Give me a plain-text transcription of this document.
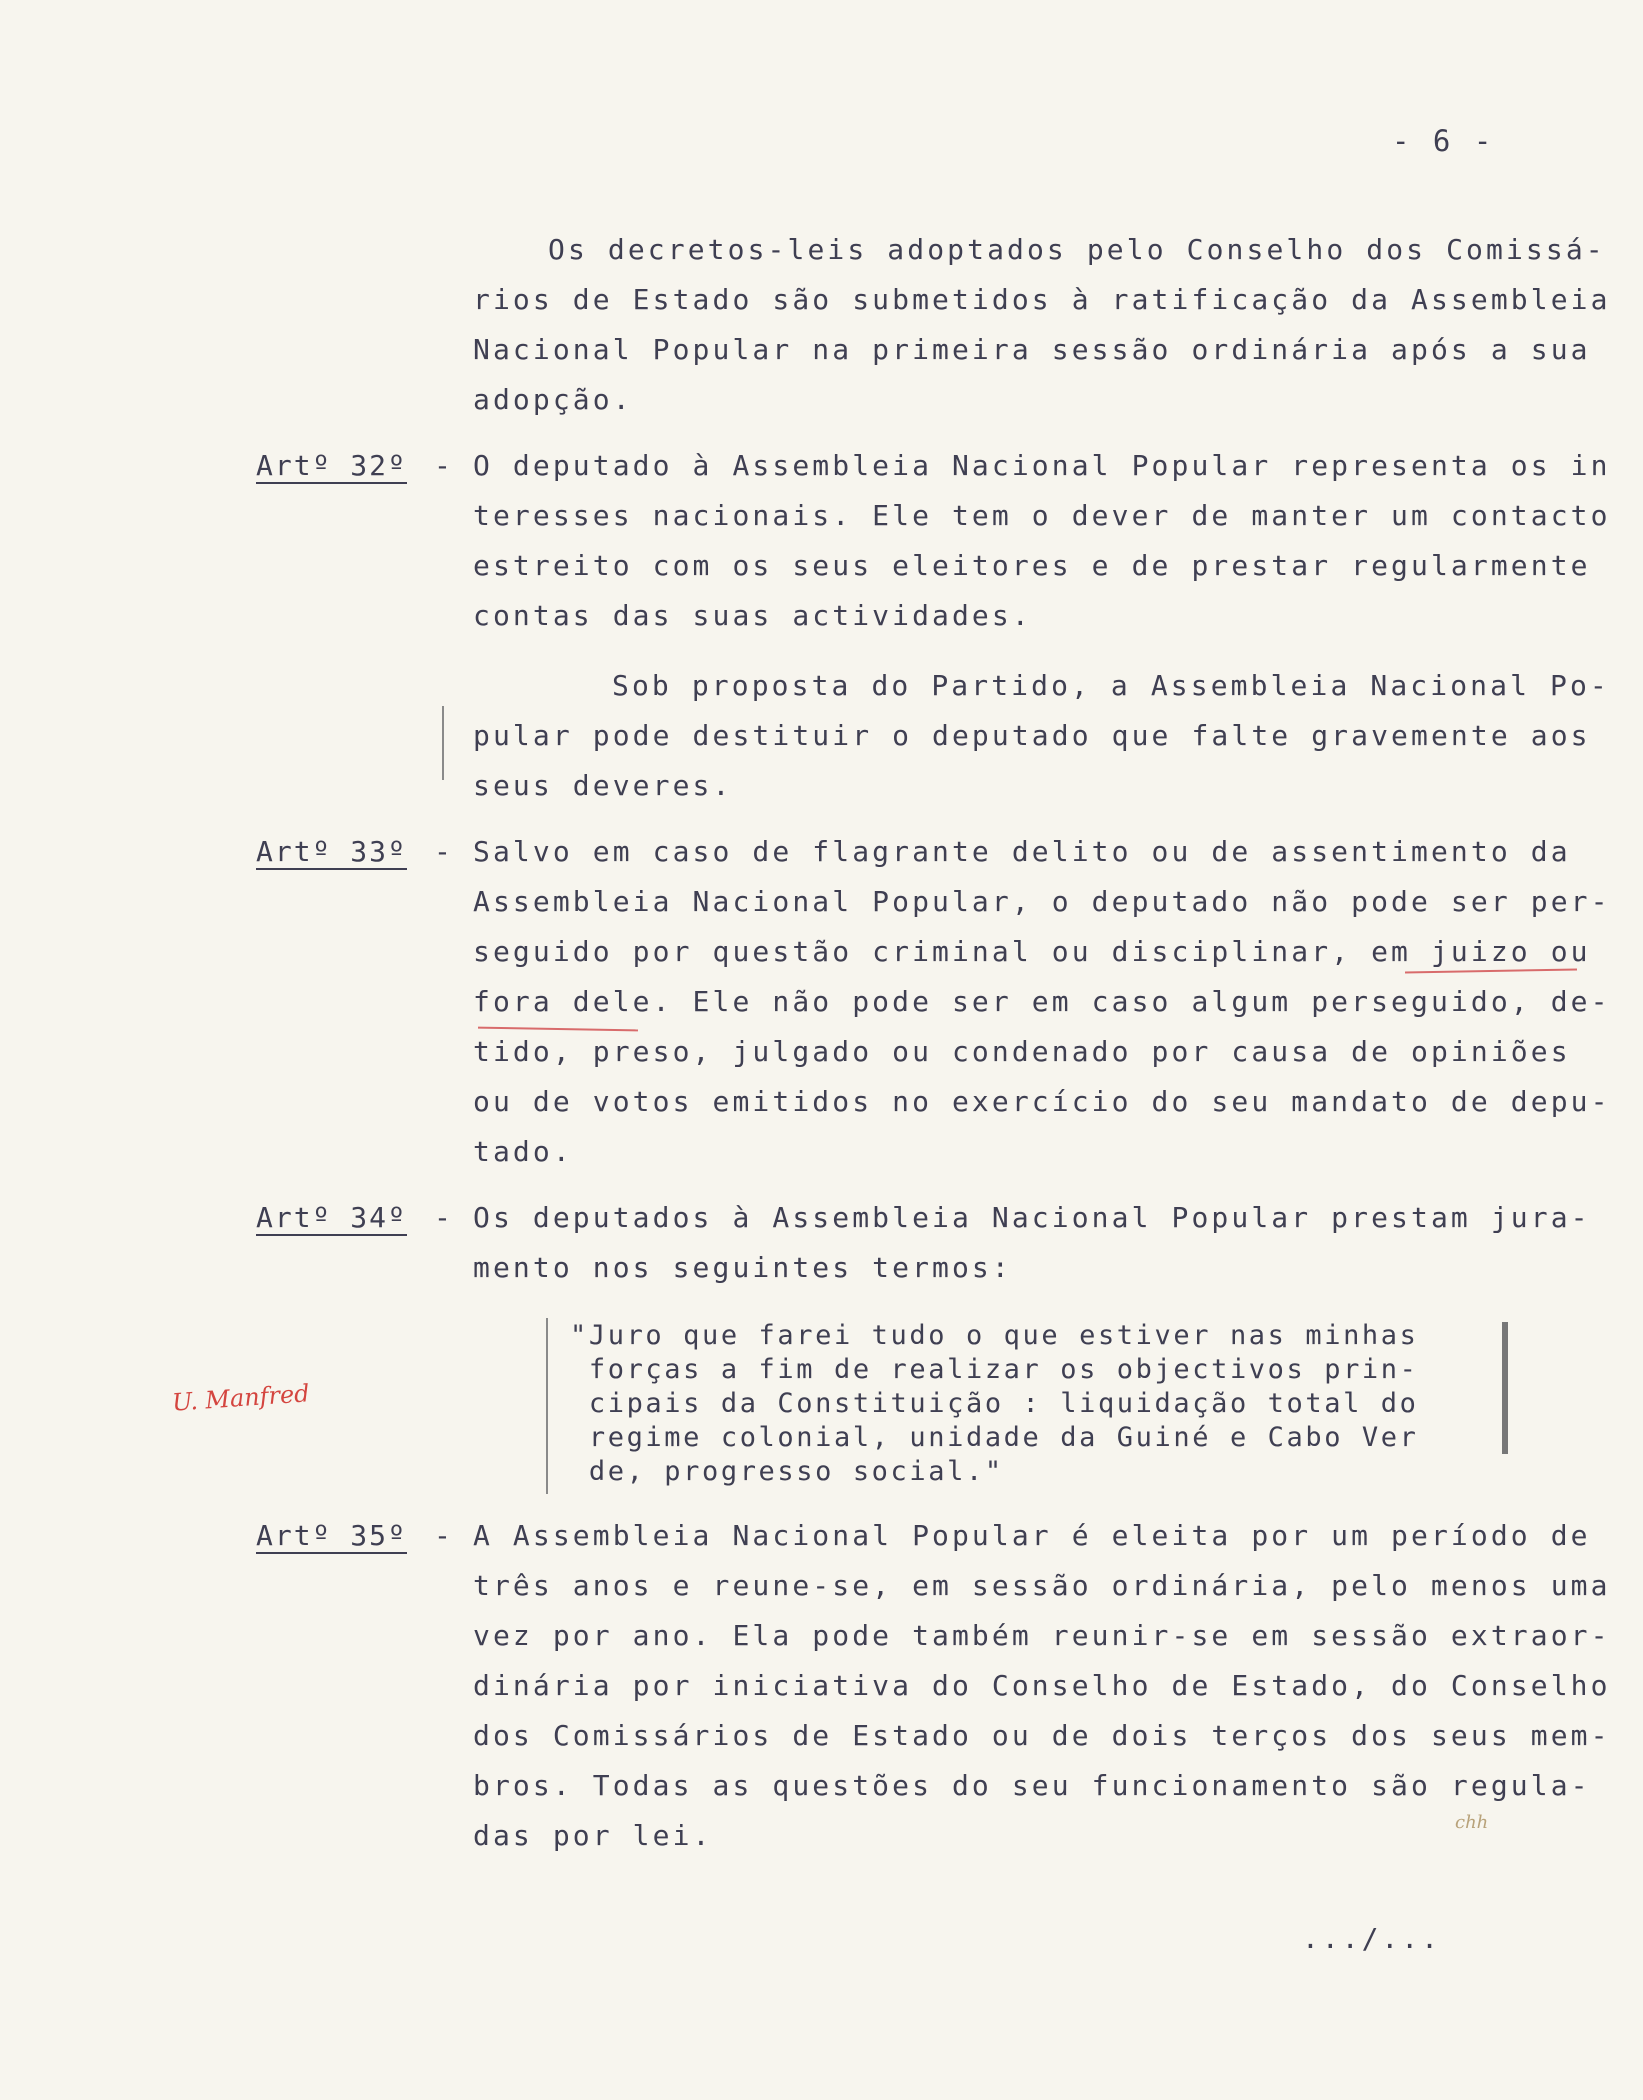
- 6 -
Os decretos-leis adoptados pelo Conselho dos Comissá-
rios de Estado são submetidos à ratificação da Assembleia
Nacional Popular na primeira sessão ordinária após a sua
adopção.
Artº 32º - O deputado à Assembleia Nacional Popular representa os in
teresses nacionais. Ele tem o dever de manter um contacto
estreito com os seus eleitores e de prestar regularmente
contas das suas actividades.
Sob proposta do Partido, a Assembleia Nacional Po-
pular pode destituir o deputado que falte gravemente aos
seus deveres.
Artº 33º - Salvo em caso de flagrante delito ou de assentimento da
Assembleia Nacional Popular, o deputado não pode ser per-
seguido por questão criminal ou disciplinar, em juizo ou
fora dele. Ele não pode ser em caso algum perseguido, de-
tido, preso, julgado ou condenado por causa de opiniões
ou de votos emitidos no exercício do seu mandato de depu-
tado.
Artº 34º - Os deputados à Assembleia Nacional Popular prestam jura-
mento nos seguintes termos:
"Juro que farei tudo o que estiver nas minhas
forças a fim de realizar os objectivos prin-
cipais da Constituição : liquidação total do
regime colonial, unidade da Guiné e Cabo Ver
de, progresso social."
U. Manfred
Artº 35º - A Assembleia Nacional Popular é eleita por um período de
três anos e reune-se, em sessão ordinária, pelo menos uma
vez por ano. Ela pode também reunir-se em sessão extraor-
dinária por iniciativa do Conselho de Estado, do Conselho
dos Comissários de Estado ou de dois terços dos seus mem-
bros. Todas as questões do seu funcionamento são regula-
das por lei.	chh
.../...
